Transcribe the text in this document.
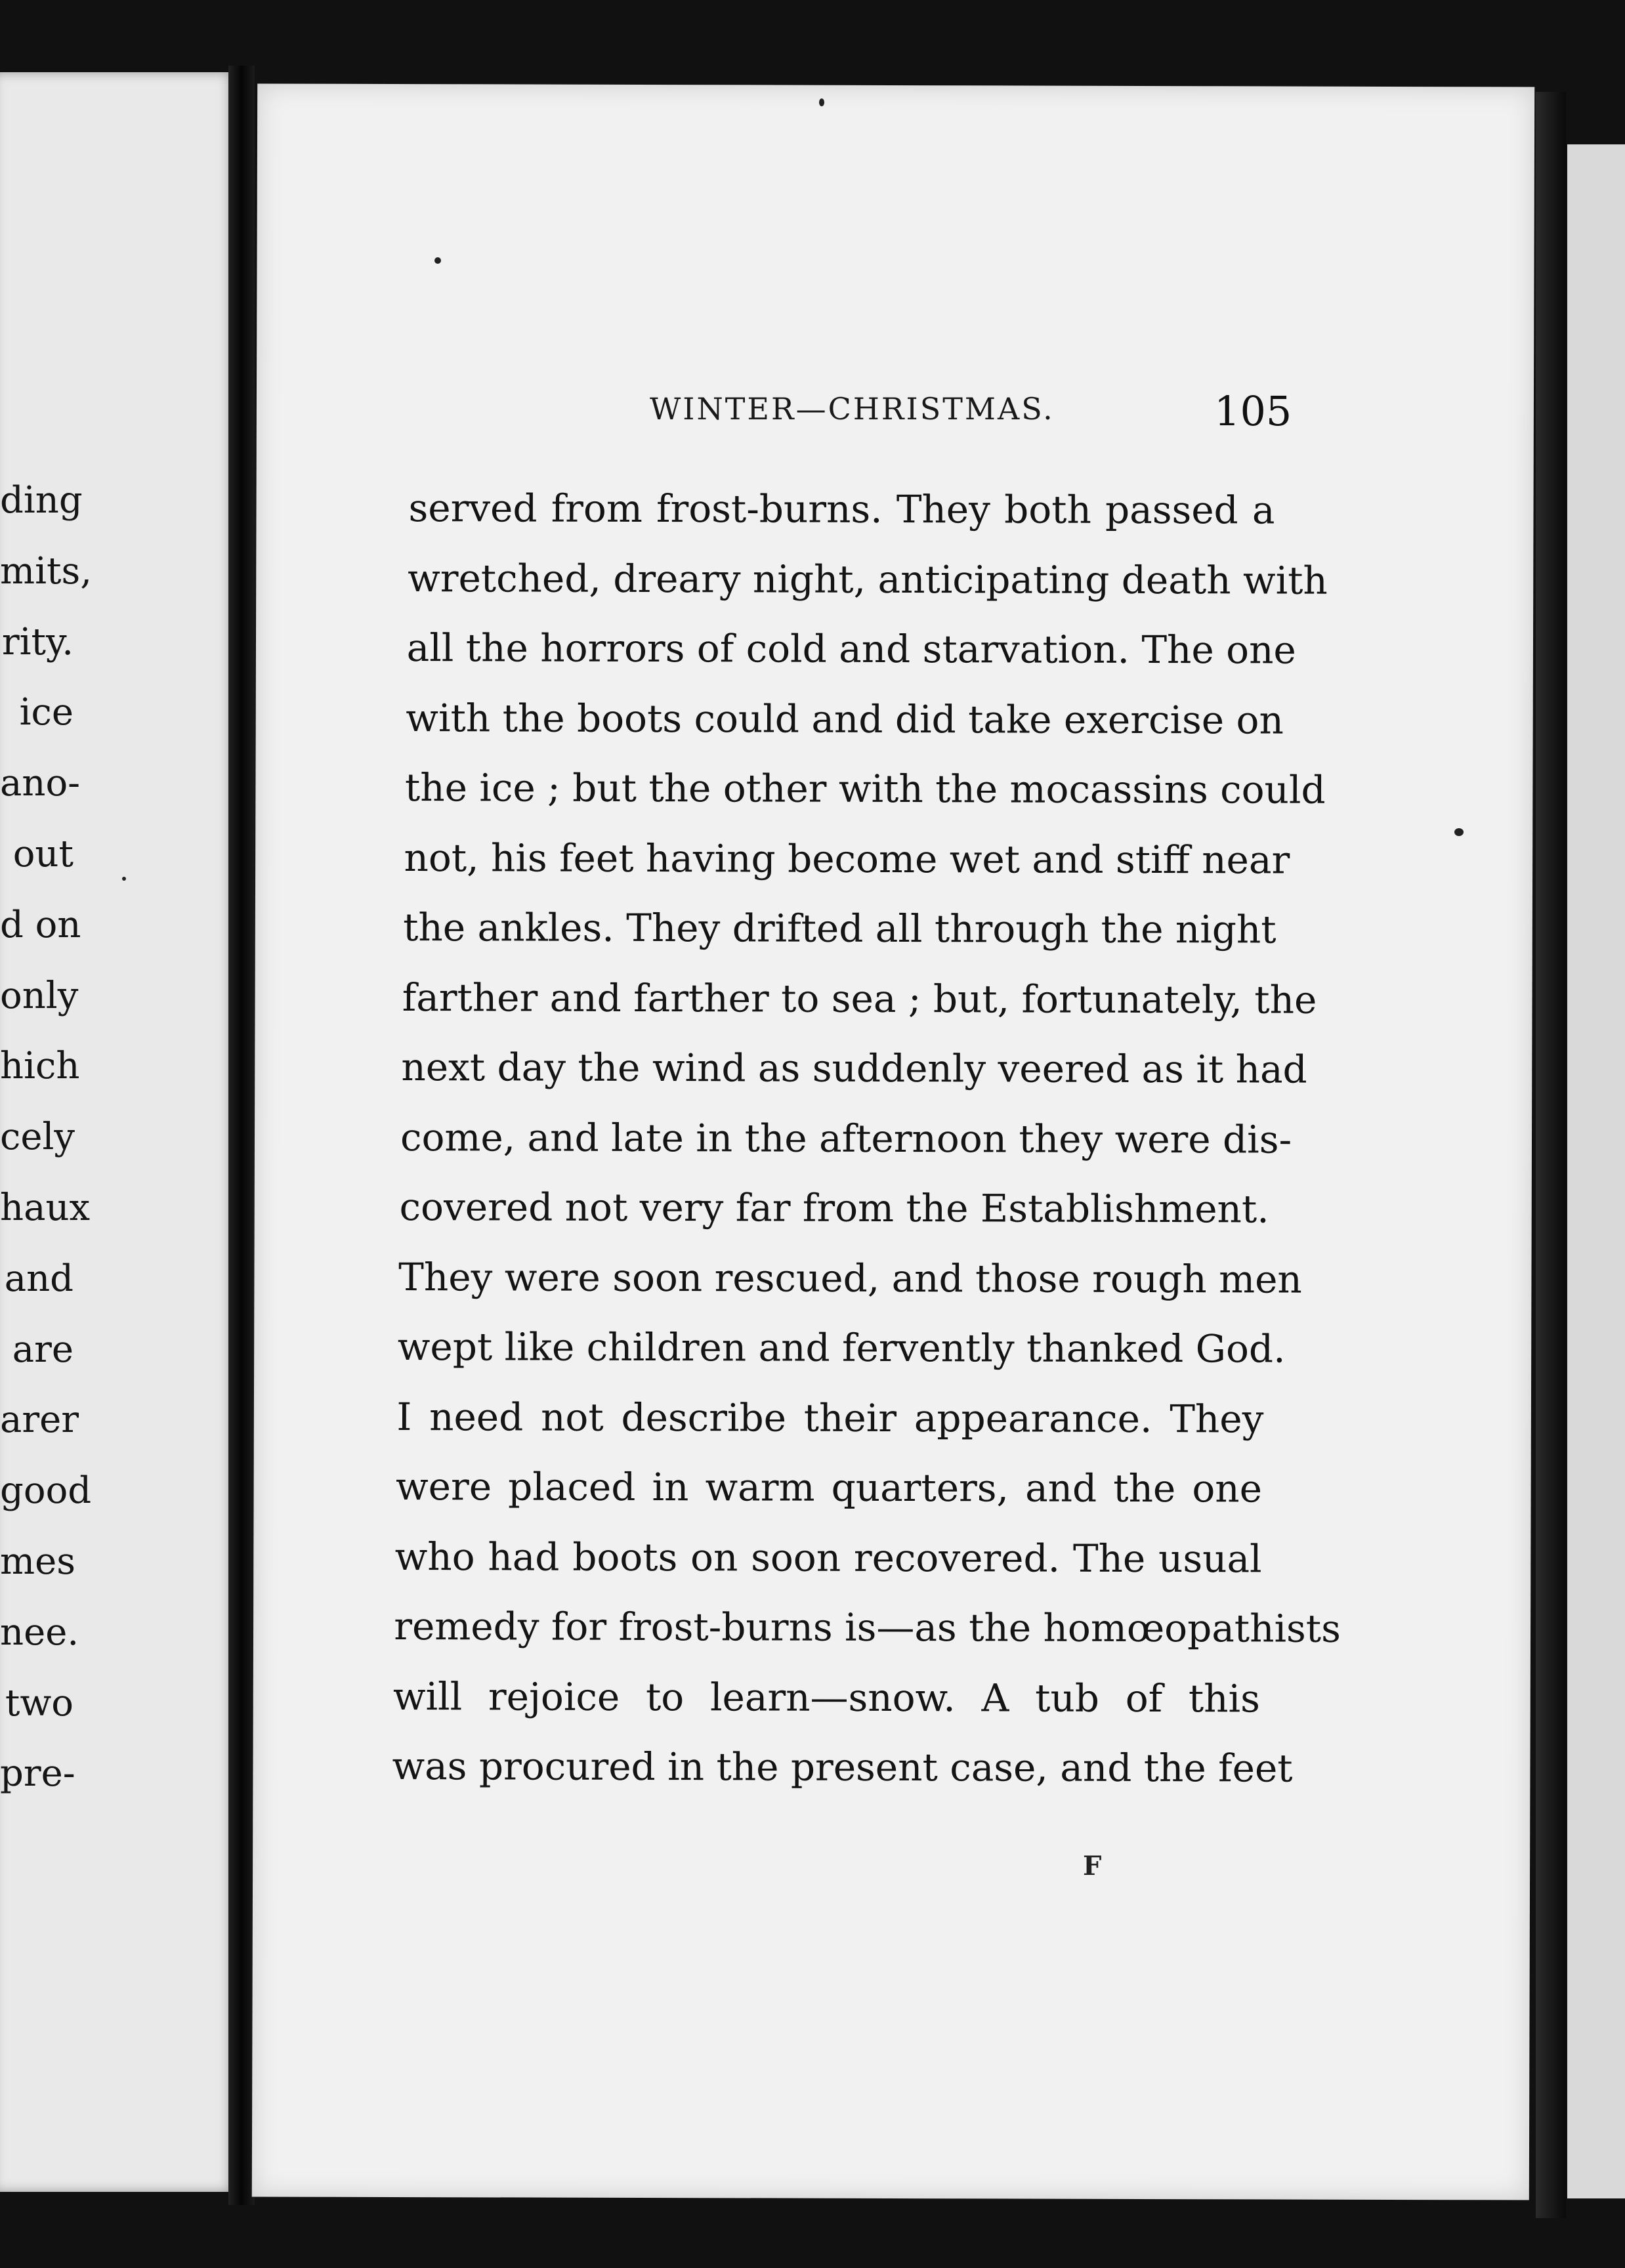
ding
mits,
rity.
ice
ano-
out
d on
only
hich
cely
haux
and
are
arer
good
mes
nee.
two
pre-
served from frost-burns. They both passed a
wretched, dreary night, anticipating death with
all the horrors of cold and starvation. The one
with the boots could and did take exercise on
the ice ; but the other with the mocassins could
not, his feet having become wet and stiff near
the ankles. They drifted all through the night
farther and farther to sea ; but, fortunately, the
next day the wind as suddenly veered as it had
come, and late in the afternoon they were dis-
covered not very far from the Establishment.
They were soon rescued, and those rough men
wept like children and fervently thanked God.
I need not describe their appearance. They
were placed in warm quarters, and the one
who had boots on soon recovered. The usual
remedy for frost-burns is—as the homœopathists
will rejoice to learn—snow. A tub of this
was procured in the present case, and the feet
WINTER—CHRISTMAS.	105
F
